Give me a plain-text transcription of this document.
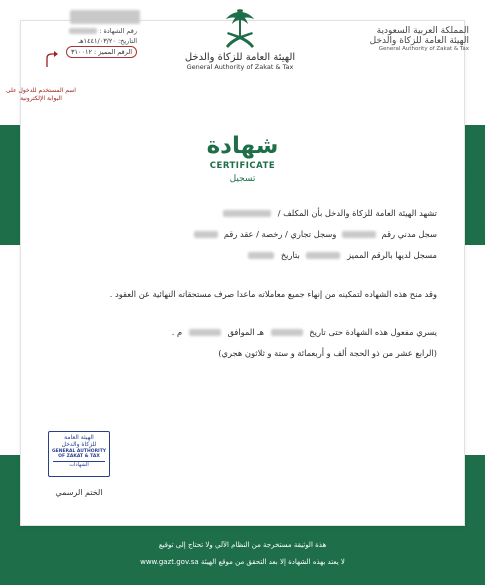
المملكة العربية السعودية
الهيئة العامة للزكاة والدخل
General Authority of Zakat & Tax
الهيئة العامة للزكاة والدخل
General Authority of Zakat & Tax
رقم الشهادة :
التاريخ: ١٤٤١/٠٣/٢٠هـ
الرقم المميز : ٣١٠٠١٢
اسم المستخدم للدخول على البوابة الإلكترونية
شهادة
CERTIFICATE
تسجيل
تشهد الهيئة العامة للزكاة والدخل بأن المكلف /
سجل مدني رقم  وسجل تجاري / رخصة / عقد رقم
مسجل لديها بالرقم المميز  بتاريخ
وقد منح هذه الشهاده لتمكينه من إنهاء جميع معاملاته ماعدا صرف مستحقاته النهائية عن العقود .
يسري مفعول هذه الشهادة حتى تاريخ  هـ الموافق  م .
(الرابع عشر من ذو الحجة ألف و أربعمائة و ستة و ثلاثون هجري)
الهيئة العامة
للزكاة والدخل
GENERAL AUTHORITY OF ZAKAT & TAX
الشهادات
الختم الرسمي
هذة الوثيقة مستخرجة من النظام الآلي ولا تحتاج إلى توقيع
لا يعتد بهذه الشهادة إلا بعد التحقق من موقع الهيئة www.gazt.gov.sa
